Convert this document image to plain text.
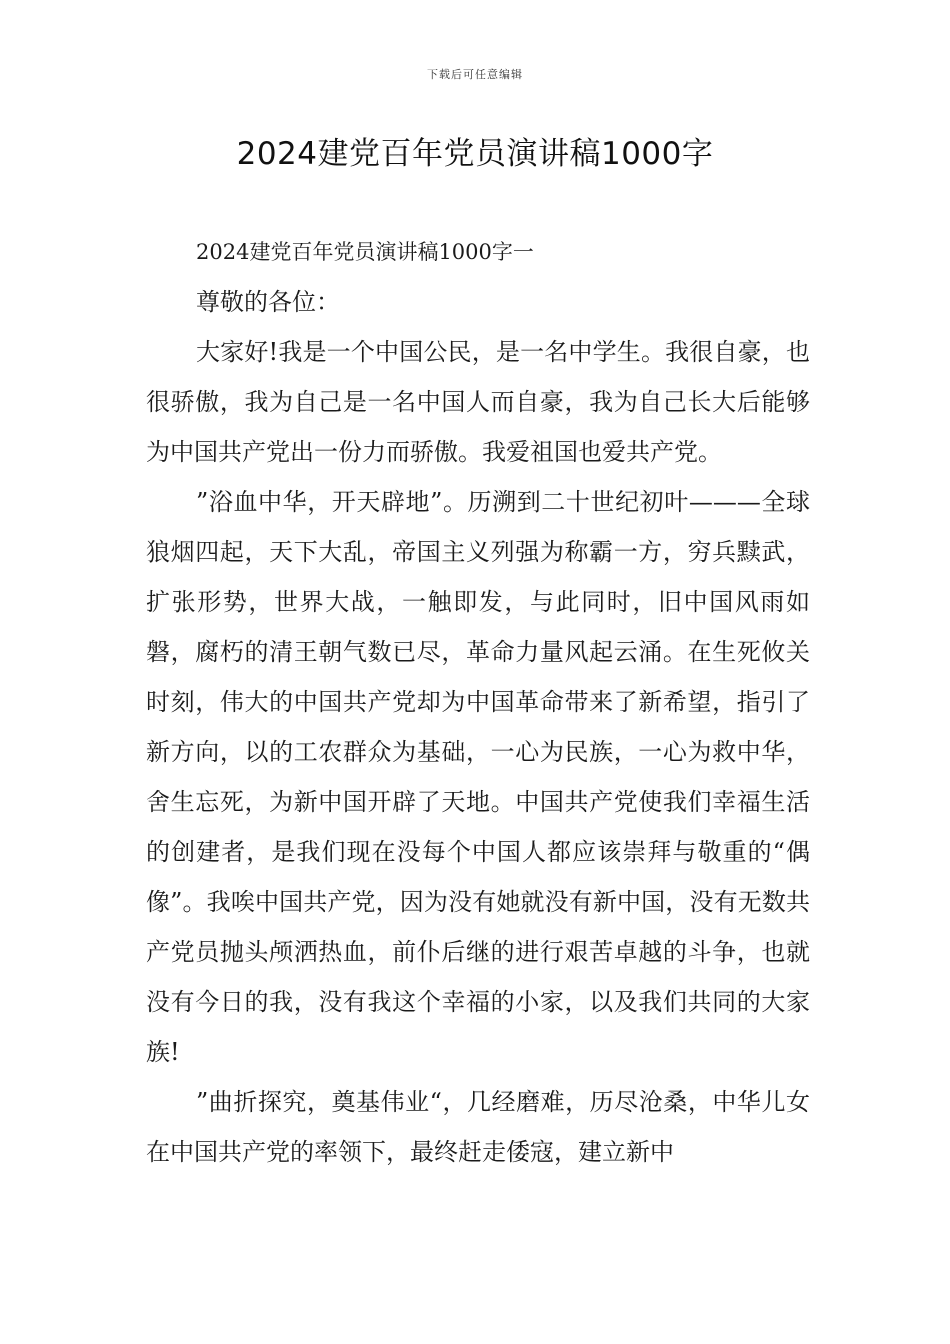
下载后可任意编辑
2024建党百年党员演讲稿1000字

2024建党百年党员演讲稿1000字一

尊敬的各位：

大家好!我是一个中国公民，是一名中学生。我很自豪，也很骄傲，我为自己是一名中国人而自豪，我为自己长大后能够为中国共产党出一份力而骄傲。我爱祖国也爱共产党。

”浴血中华，开天辟地”。历溯到二十世纪初叶———全球狼烟四起，天下大乱，帝国主义列强为称霸一方，穷兵黩武，扩张形势，世界大战，一触即发，与此同时，旧中国风雨如磐，腐朽的清王朝气数已尽，革命力量风起云涌。在生死攸关时刻，伟大的中国共产党却为中国革命带来了新希望，指引了新方向，以的工农群众为基础，一心为民族，一心为救中华，舍生忘死，为新中国开辟了天地。中国共产党使我们幸福生活的创建者，是我们现在没每个中国人都应该崇拜与敬重的“偶像”。我唉中国共产党，因为没有她就没有新中国，没有无数共产党员抛头颅洒热血，前仆后继的进行艰苦卓越的斗争，也就没有今日的我，没有我这个幸福的小家，以及我们共同的大家族!

”曲折探究，奠基伟业“，几经磨难，历尽沧桑，中华儿女在中国共产党的率领下，最终赶走倭寇，建立新中
